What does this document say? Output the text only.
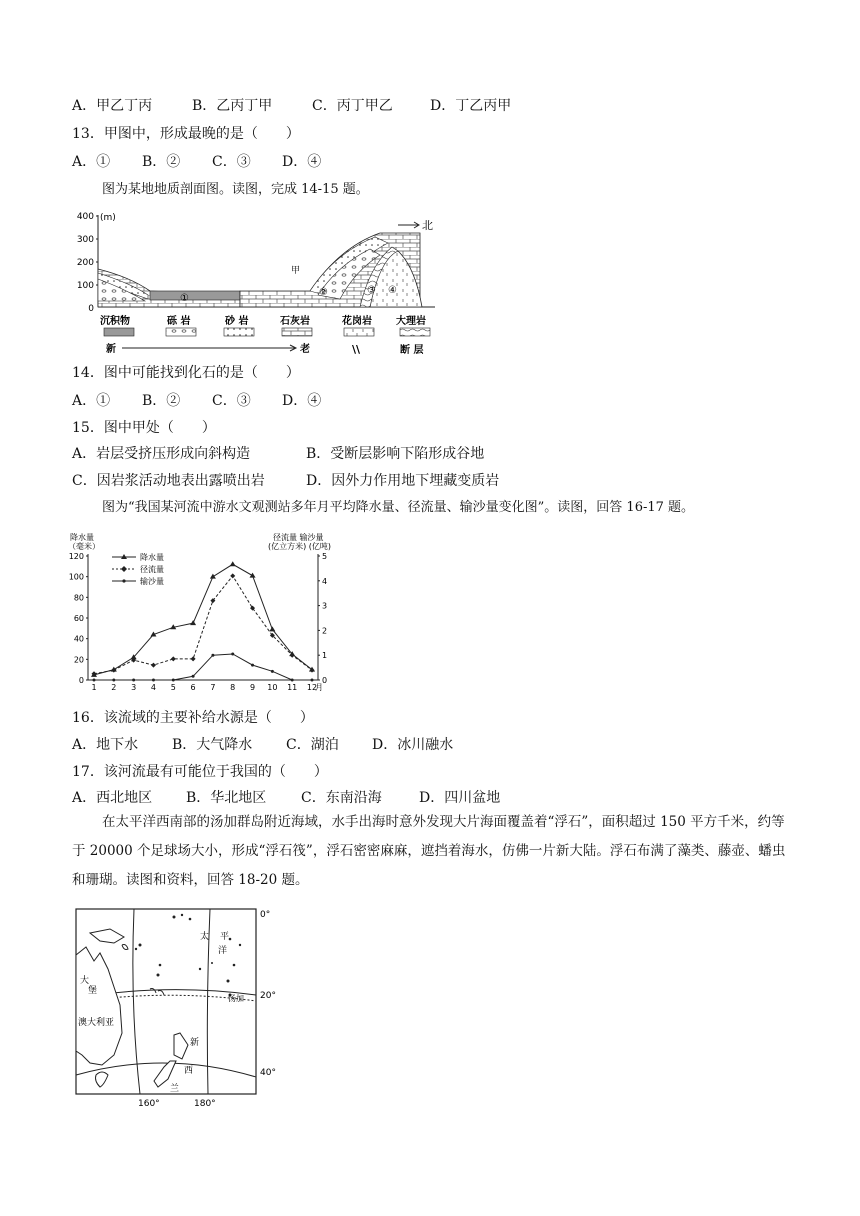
A．甲乙丁丙	B．乙丙丁甲	C．丙丁甲乙	D．丁乙丙甲
13．甲图中，形成最晚的是（　　）
A．① B．② C．③ D．④
图为某地地质剖面图。读图，完成 14-15 题。
(m)
400
300
200
100
0
北
甲
①
②	③ ④
沉积物	砾 岩	砂 岩	石灰岩	花岗岩 大理岩
新	老	\\	断 层
14．图中可能找到化石的是（　　）
A．① B．② C．③ D．④
15．图中甲处（　　）
A．岩层受挤压形成向斜构造	B．受断层影响下陷形成谷地
C．因岩浆活动地表出露喷出岩	D．因外力作用地下埋藏变质岩
图为“我国某河流中游水文观测站多年月平均降水量、径流量、输沙量变化图”。读图，回答 16-17 题。
降水量
（毫米）
径流量 输沙量
(亿立方米) (亿吨)
0
20
40
60
80
100
120
0
1
2
3
4
5
1 2 3 4 5 6 7 8 9 10 11 12
月
降水量
径流量
输沙量
16．该流域的主要补给水源是（　　）
A．地下水 B．大气降水 C．湖泊 D．冰川融水
17．该河流最有可能位于我国的（　　）
A．西北地区 B．华北地区 C．东南沿海	D．四川盆地
在太平洋西南部的汤加群岛附近海域，水手出海时意外发现大片海面覆盖着“浮石”，面积超过 150 平方千米，约等于 20000 个足球场大小，形成“浮石筏”，浮石密密麻麻，遮挡着海水，仿佛一片新大陆。浮石布满了藻类、藤壶、蟠虫和珊瑚。读图和资料，回答 18-20 题。
太 平
洋
大
堡
澳大利亚
汤加
新
西
兰
0°
20°
40°
160°	180°
